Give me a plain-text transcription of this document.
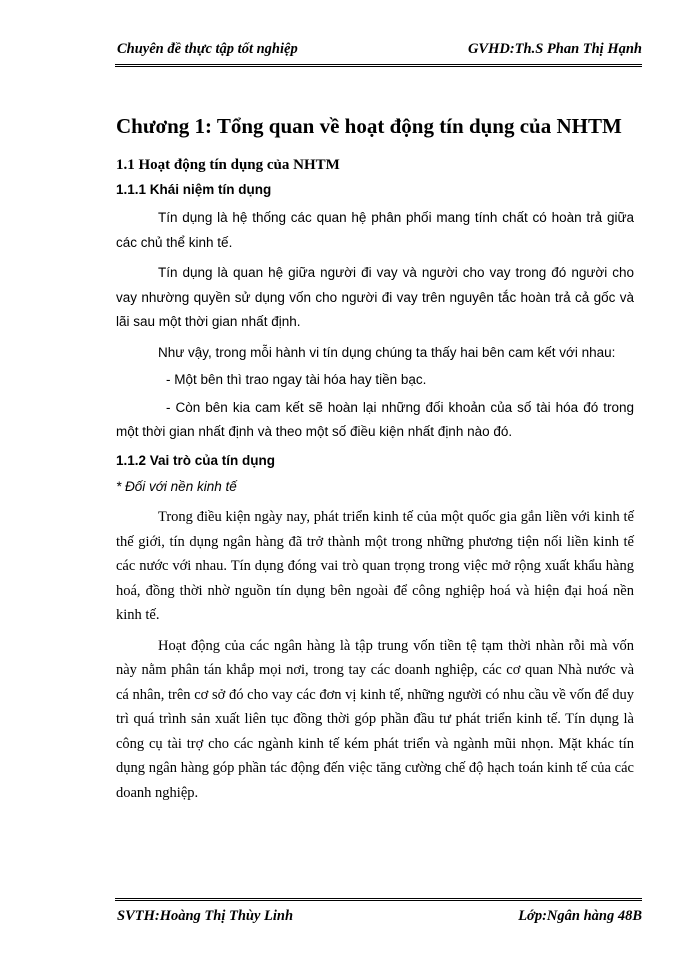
Chuyên đề thực tập tốt nghiệp	GVHD:Th.S Phan Thị Hạnh
Chương 1: Tổng quan về hoạt động tín dụng của NHTM
1.1 Hoạt động tín dụng của NHTM
1.1.1 Khái niệm tín dụng

Tín dụng là hệ thống các quan hệ phân phối mang tính chất có hoàn trả giữa các chủ thể kinh tế.

Tín dụng là quan hệ giữa người đi vay và người cho vay trong đó người cho vay nhường quyền sử dụng vốn cho người đi vay trên nguyên tắc hoàn trả cả gốc và lãi sau một thời gian nhất định.

Như vậy, trong mỗi hành vi tín dụng chúng ta thấy hai bên cam kết với nhau:

- Một bên thì trao ngay tài hóa hay tiền bạc.

- Còn bên kia cam kết sẽ hoàn lại những đối khoản của số tài hóa đó trong một thời gian nhất định và theo một số điều kiện nhất định nào đó.

1.1.2 Vai trò của tín dụng

* Đối với nền kinh tế

Trong điều kiện ngày nay, phát triển kinh tế của một quốc gia gắn liền với kinh tế thế giới, tín dụng ngân hàng đã trở thành một trong những phương tiện nối liền kinh tế các nước với nhau. Tín dụng đóng vai trò quan trọng trong việc mở rộng xuất khẩu hàng hoá, đồng thời nhờ nguồn tín dụng bên ngoài để công nghiệp hoá và hiện đại hoá nền kinh tế.

Hoạt động của các ngân hàng là tập trung vốn tiền tệ tạm thời nhàn rỗi mà vốn này nằm phân tán khắp mọi nơi, trong tay các doanh nghiệp, các cơ quan Nhà nước và cá nhân, trên cơ sở đó cho vay các đơn vị kinh tế, những người có nhu cầu về vốn để duy trì quá trình sản xuất liên tục đồng thời góp phần đầu tư phát triển kinh tế. Tín dụng là công cụ tài trợ cho các ngành kinh tế kém phát triển và ngành mũi nhọn. Mặt khác tín dụng ngân hàng góp phần tác động đến việc tăng cường chế độ hạch toán kinh tế của các doanh nghiệp.

SVTH:Hoàng Thị Thùy Linh	Lớp:Ngân hàng 48B
